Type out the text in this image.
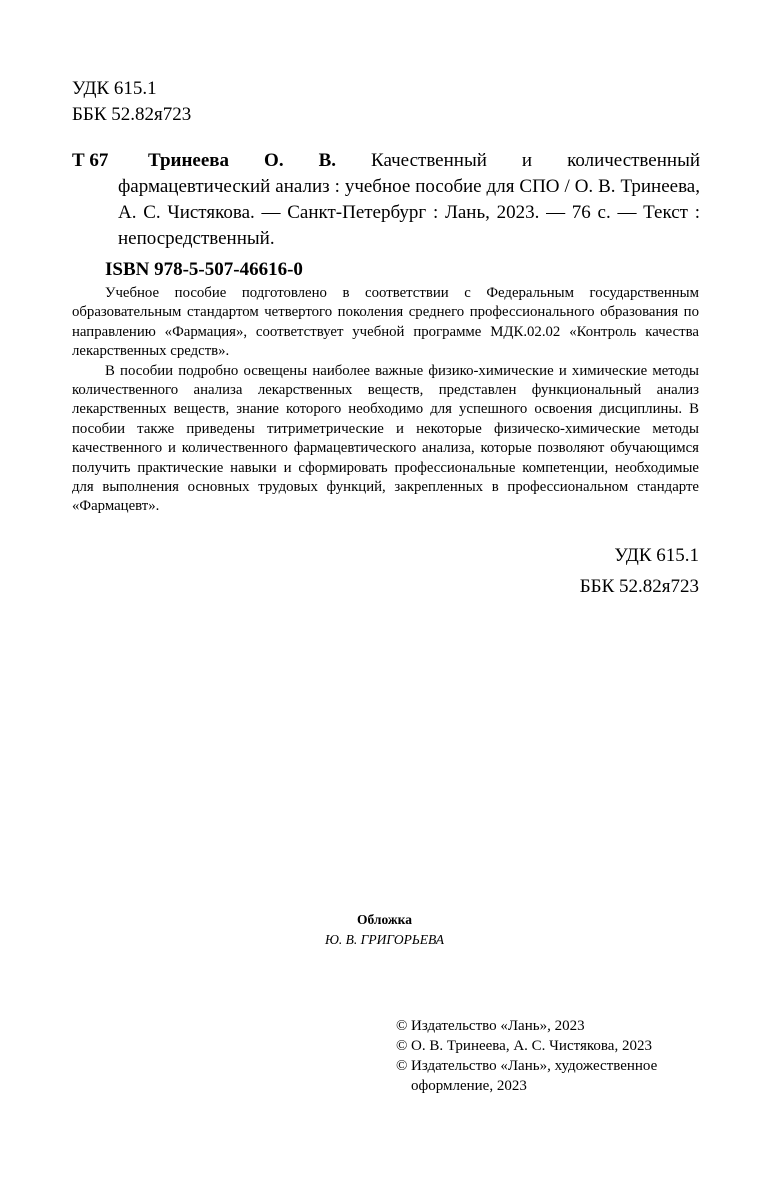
УДК 615.1
ББК 52.82я723
Т 67	Тринеева О. В. Качественный и количественный фармацевтический анализ : учебное пособие для СПО / О. В. Тринеева, А. С. Чистякова. — Санкт-Петербург : Лань, 2023. — 76 с. — Текст : непосредственный.
ISBN 978-5-507-46616-0

Учебное пособие подготовлено в соответствии с Федеральным государственным образовательным стандартом четвертого поколения среднего профессионального образования по направлению «Фармация», соответствует учебной программе МДК.02.02 «Контроль качества лекарственных средств».

В пособии подробно освещены наиболее важные физико-химические и химические методы количественного анализа лекарственных веществ, представлен функциональный анализ лекарственных веществ, знание которого необходимо для успешного освоения дисциплины. В пособии также приведены титриметрические и некоторые физическо-химические методы качественного и количественного фармацевтического анализа, которые позволяют обучающимся получить практические навыки и сформировать профессиональные компетенции, необходимые для выполнения основных трудовых функций, закрепленных в профессиональном стандарте «Фармацевт».

УДК 615.1
ББК 52.82я723
Обложка
Ю. В. ГРИГОРЬЕВА
© Издательство «Лань», 2023
© О. В. Тринеева, А. С. Чистякова, 2023
© Издательство «Лань», художественное оформление, 2023
